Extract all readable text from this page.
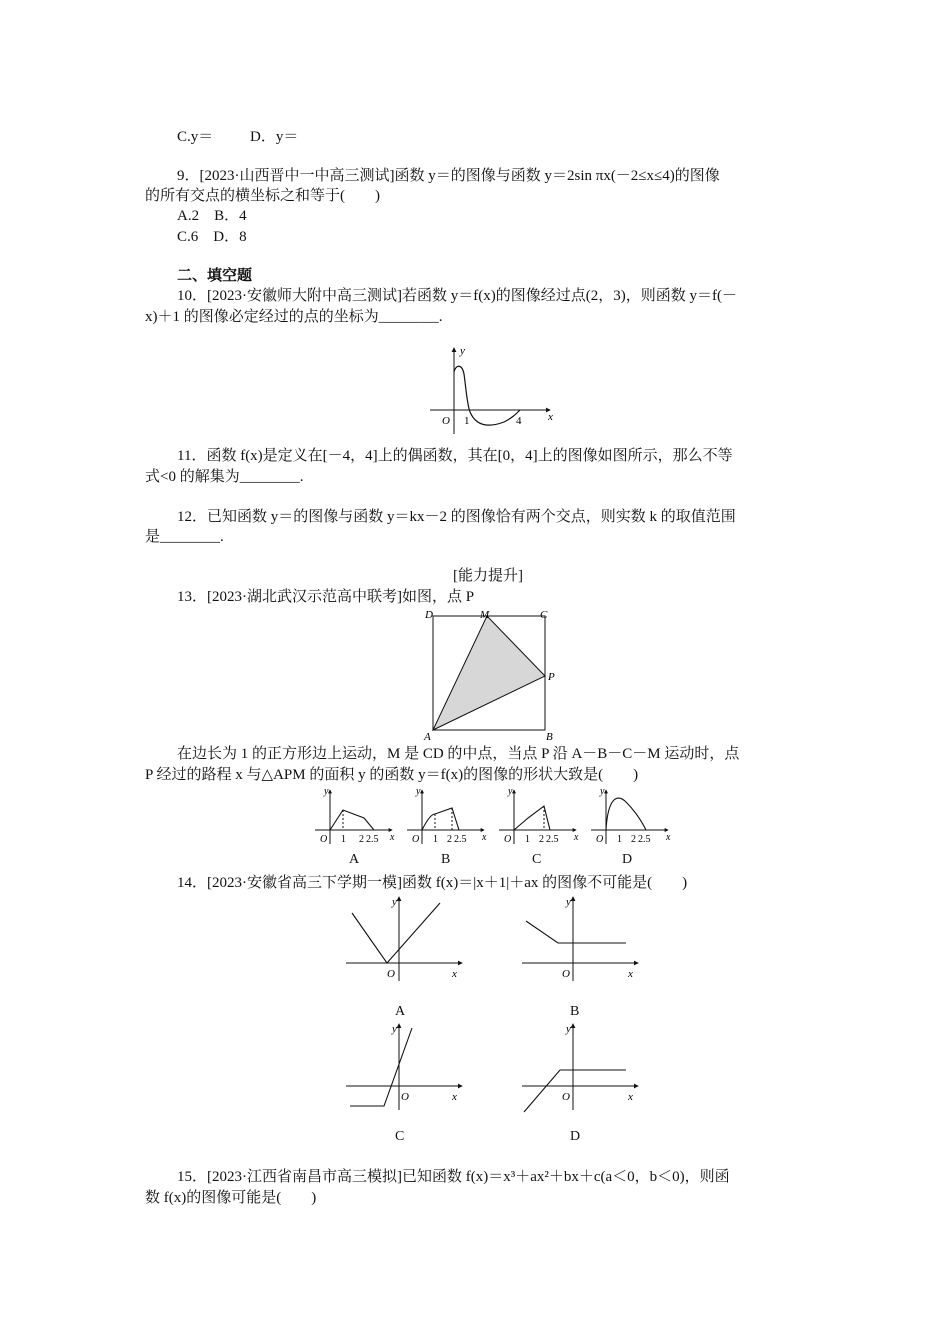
C.y＝ D．y＝
9．[2023·山西晋中一中高三测试]函数 y＝的图像与函数 y＝2sin πx(－2≤x≤4)的图像
的所有交点的横坐标之和等于(　　)
A.2　B．4
C.6　D．8
二、填空题
10．[2023·安徽师大附中高三测试]若函数 y＝f(x)的图像经过点(2，3)，则函数 y＝f(－
x)＋1 的图像必定经过的点的坐标为________.
y
x
O 1	4
11．函数 f(x)是定义在[－4，4]上的偶函数，其在[0，4]上的图像如图所示，那么不等
式<0 的解集为________.
12．已知函数 y＝的图像与函数 y＝kx－2 的图像恰有两个交点，则实数 k 的取值范围
是________.
[能力提升]
13．[2023·湖北武汉示范高中联考]如图，点 P
D	M	C
P
A	B
在边长为 1 的正方形边上运动，M 是 CD 的中点，当点 P 沿 A－B－C－M 运动时，点
P 经过的路程 x 与△APM 的面积 y 的函数 y＝f(x)的图像的形状大致是(　　)
y
x
O 1 2 2.5
y
x
O 1 2 2.5
y
x
O 1 2 2.5
y
x
O 1 2 2.5
A	B	C	D
14．[2023·安徽省高三下学期一模]函数 f(x)＝|x＋1|＋ax 的图像不可能是(　　)
y
x
O
A
y
x
O
B
y
x
O
C
y
x
O
D
15．[2023·江西省南昌市高三模拟]已知函数 f(x)＝x³＋ax²＋bx＋c(a＜0，b＜0)，则函
数 f(x)的图像可能是(　　)
